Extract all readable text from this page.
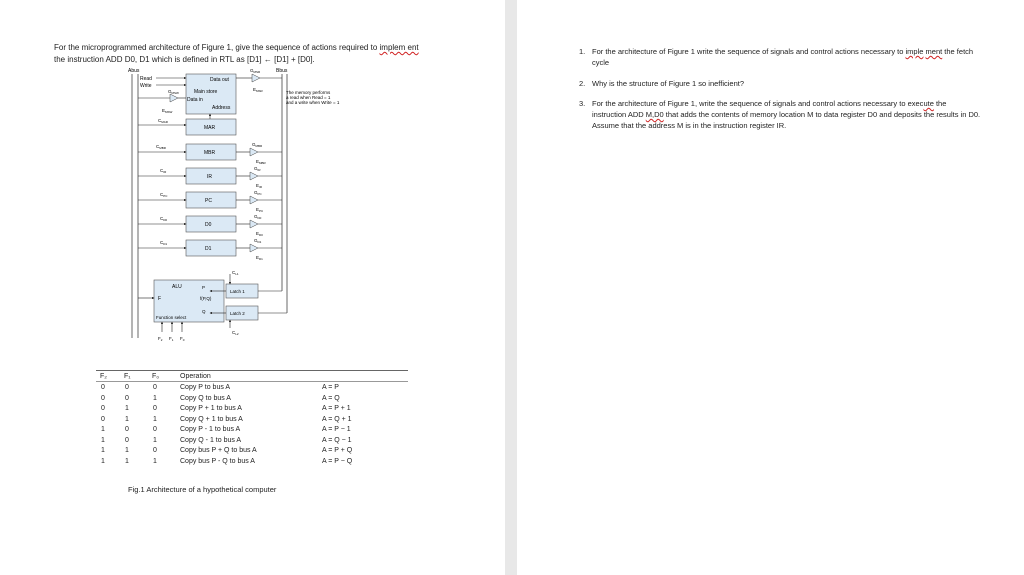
For the microprogrammed architecture of Figure 1, give the sequence of actions required to implem ent
the instruction ADD D0, D1 which is defined in RTL as [D1] ← [D1] + [D0].
Abus	Bbus
Read
Write
Data out
Main store
Data in
Address
$G_{MSR}$
$E_{MSR}$
$G_{MSW}$
$E_{MSW}$
The memory performs
a read when Read = 1
and a write when Write = 1
MAR
$C_{MAR}$
MBR
$C_{MBR}$
$G_{MBR}$
$E_{MBR}$
IR
$C_{IR}$
$G_{IR}$
$E_{IR}$
PC
$C_{PC}$
$G_{PC}$
$E_{PC}$
D0
$C_{D0}$
$G_{D0}$
$E_{D0}$
D1
$C_{D1}$
$G_{D1}$
$E_{D1}$
ALU
F	f(P,Q)
P
Q
Function select
Latch 1
Latch 2
$C_{L1}$
$C_{L2}$
$F_2$ $F_1$ $F_0$
F₂ F₁	F₀	Operation
0	0	0	Copy P to bus A	A = P
0	0	1	Copy Q to bus A	A = Q
0	1	0	Copy P + 1 to bus A	A = P + 1
0	1	1	Copy Q + 1 to bus A	A = Q + 1
1	0	0	Copy P - 1 to bus A	A = P − 1
1	0	1	Copy Q - 1 to bus A	A = Q − 1
1	1	0	Copy bus P + Q to bus A	A = P + Q
1	1	1	Copy bus P - Q to bus A	A = P − Q
Fig.1 Architecture of a hypothetical computer
1. For the architecture of Figure 1 write the sequence of signals and control actions necessary to imple ment the fetch cycle
2. Why is the structure of Figure 1 so inefficient?
3. For the architecture of Figure 1, write the sequence of signals and control actions necessary to execute the instruction ADD M,D0 that adds the contents of memory location M to data register D0 and deposits the results in D0. Assume that the address M is in the instruction register IR.
